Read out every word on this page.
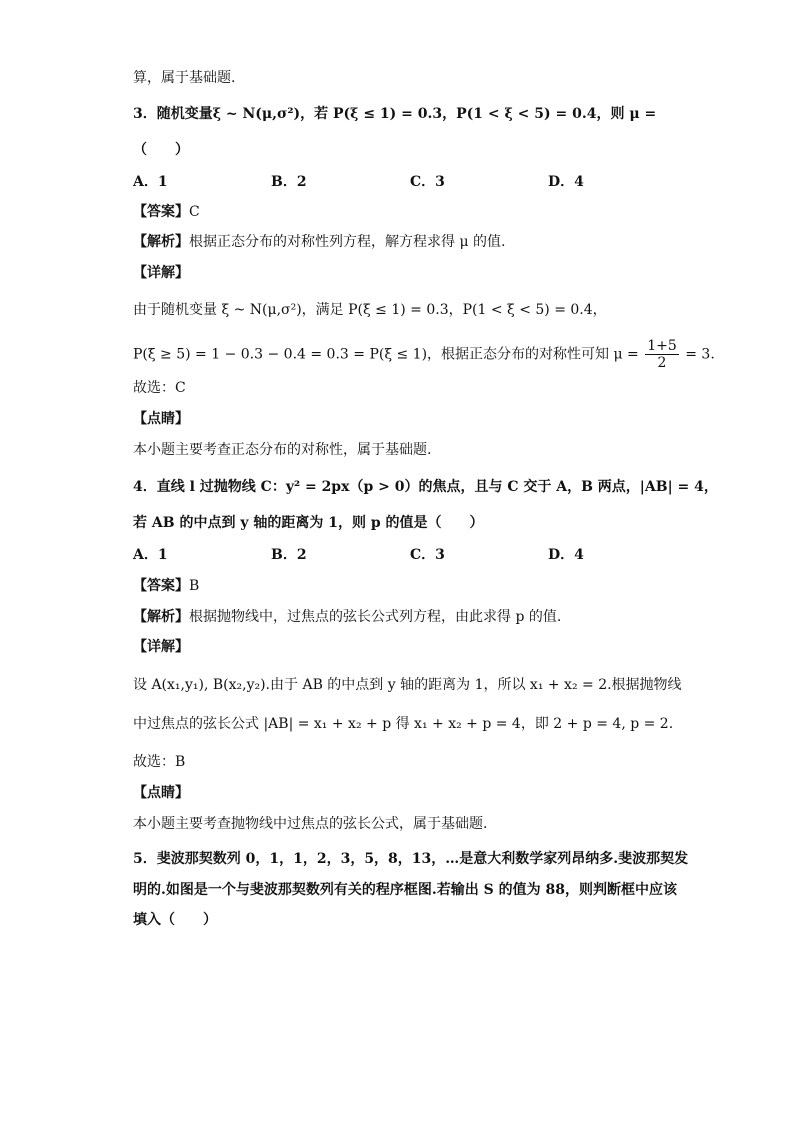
算，属于基础题.
3．随机变量ξ ~ N(μ,σ²)，若 P(ξ ≤ 1) = 0.3，P(1 < ξ < 5) = 0.4，则 μ =
（　　）
A．1	B．2	C．3	D．4
【答案】C
【解析】根据正态分布的对称性列方程，解方程求得 μ 的值.
【详解】
由于随机变量 ξ ~ N(μ,σ²)，满足 P(ξ ≤ 1) = 0.3，P(1 < ξ < 5) = 0.4，
P(ξ ≥ 5) = 1 − 0.3 − 0.4 = 0.3 = P(ξ ≤ 1)，根据正态分布的对称性可知 $\mu = \frac{1+5}{2} = 3$.
故选：C
【点睛】
本小题主要考查正态分布的对称性，属于基础题.
4．直线 l 过抛物线 C：y² = 2px（p > 0）的焦点，且与 C 交于 A，B 两点，|AB| = 4，
若 AB 的中点到 y 轴的距离为 1，则 p 的值是（　　）
A．1	B．2	C．3	D．4
【答案】B
【解析】根据抛物线中，过焦点的弦长公式列方程，由此求得 p 的值.
【详解】
设 A(x₁,y₁), B(x₂,y₂).由于 AB 的中点到 y 轴的距离为 1，所以 x₁ + x₂ = 2.根据抛物线
中过焦点的弦长公式 |AB| = x₁ + x₂ + p 得 x₁ + x₂ + p = 4，即 2 + p = 4, p = 2.
故选：B
【点睛】
本小题主要考查抛物线中过焦点的弦长公式，属于基础题.
5．斐波那契数列 0，1，1，2，3，5，8，13，…是意大利数学家列昂纳多.斐波那契发
明的.如图是一个与斐波那契数列有关的程序框图.若输出 S 的值为 88，则判断框中应该
填入（　　）
